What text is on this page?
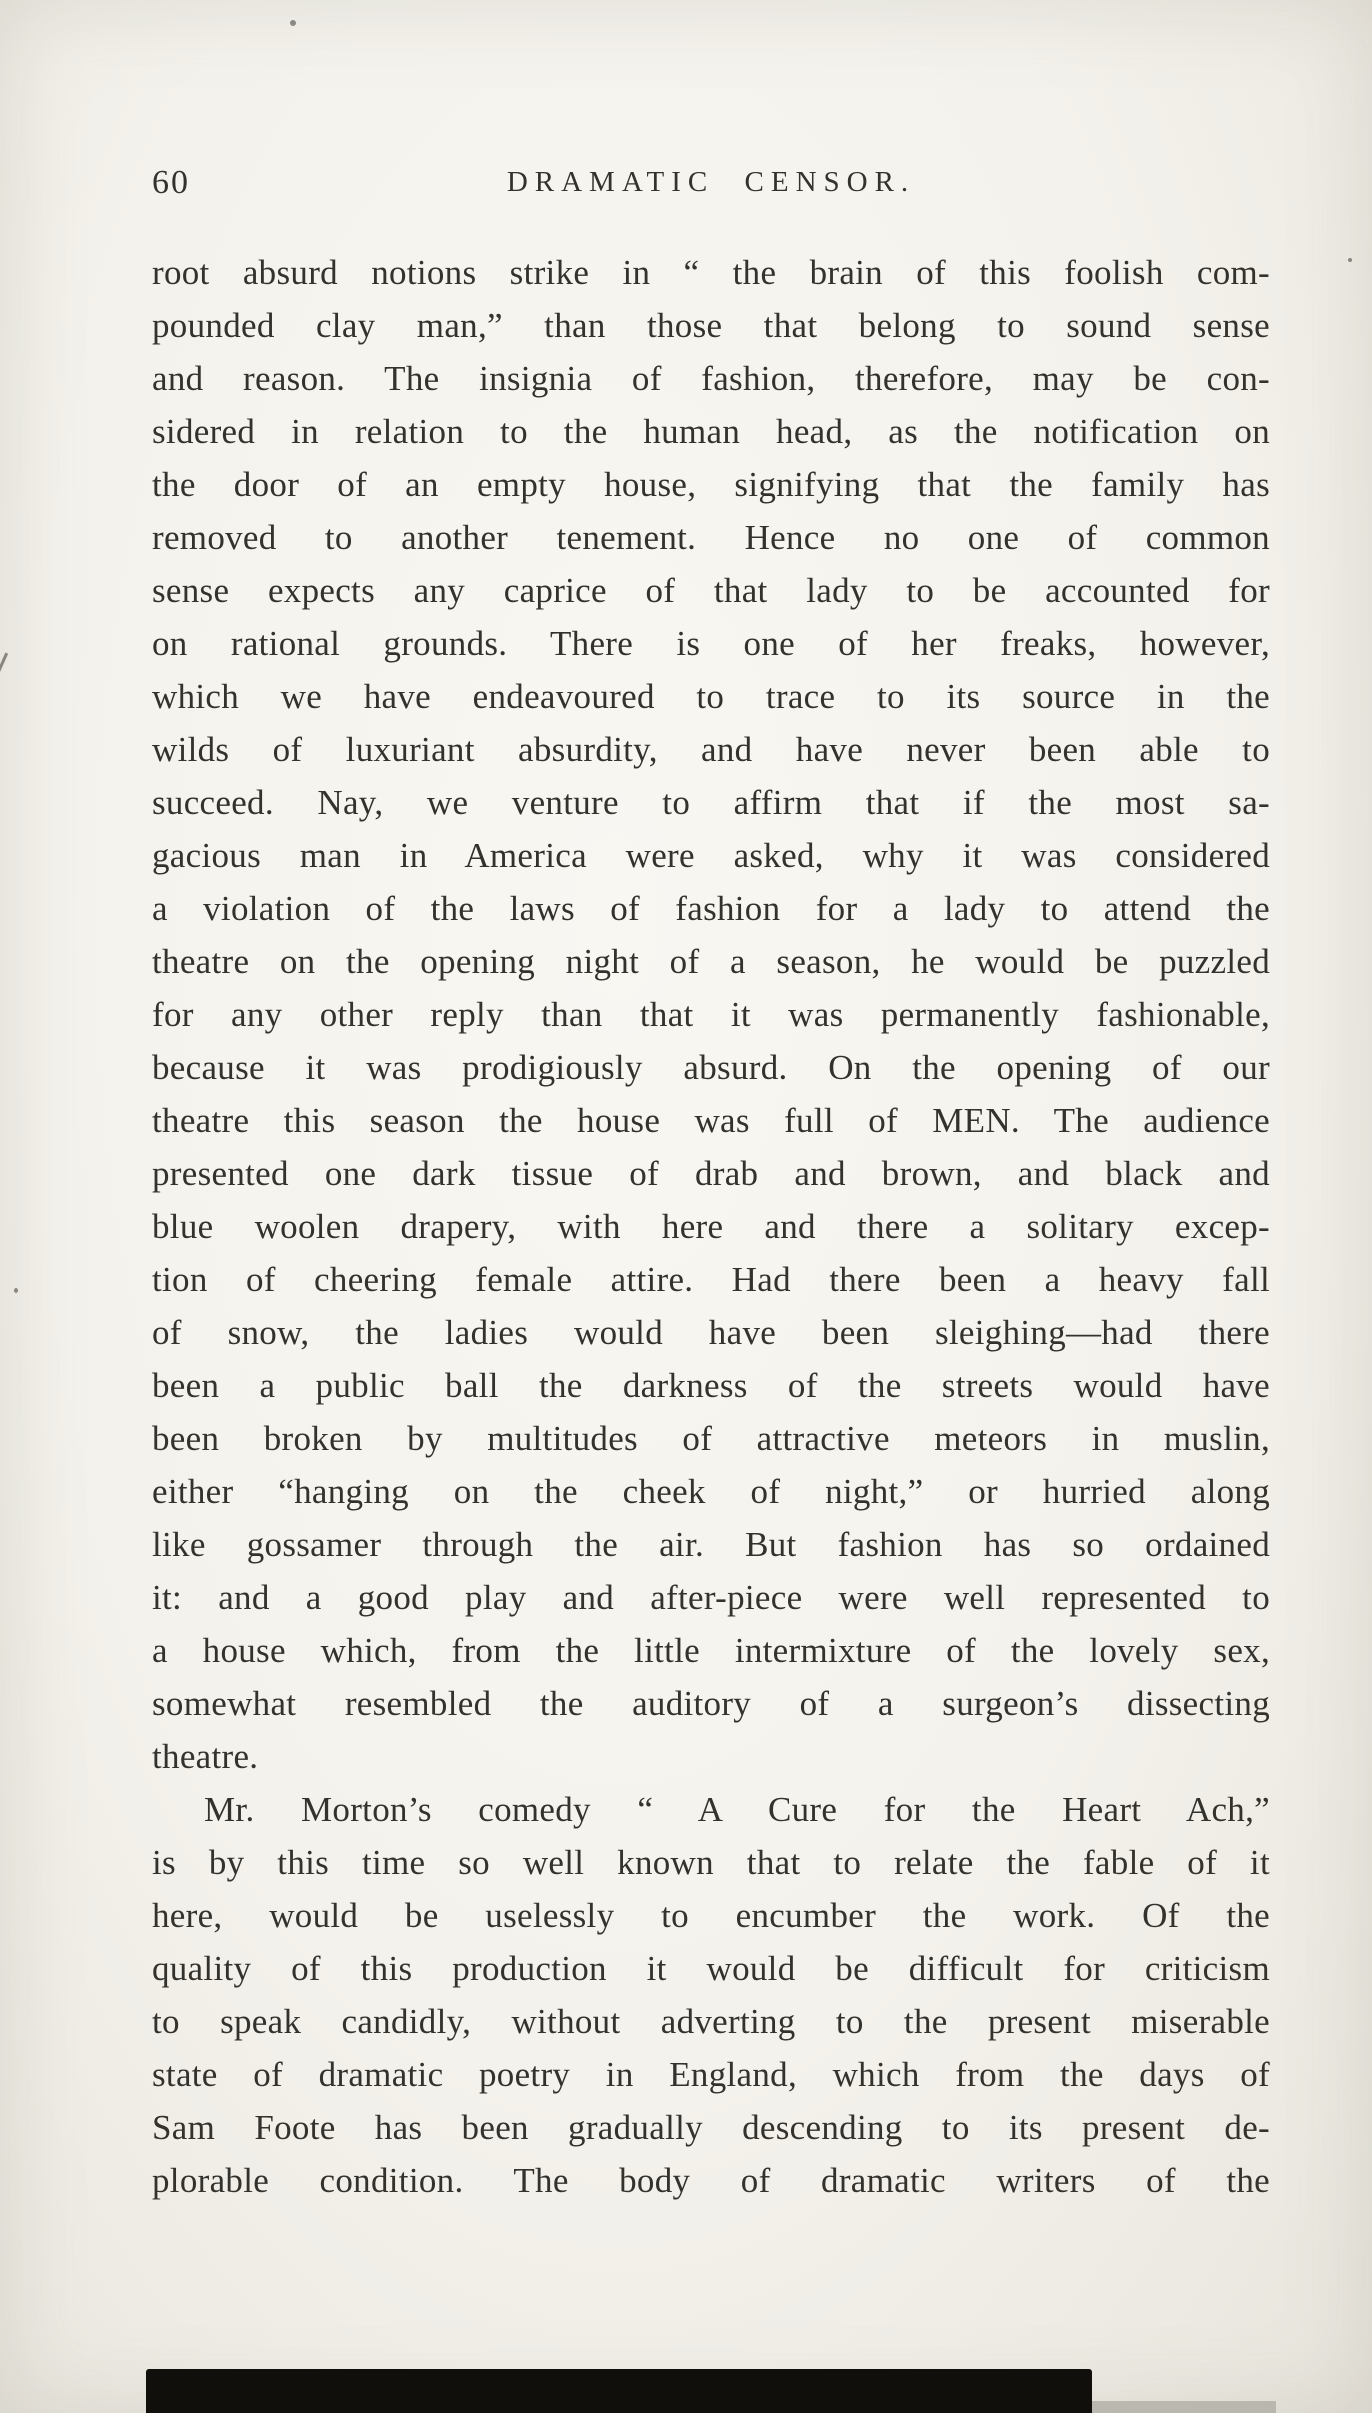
60	DRAMATIC CENSOR.
root absurd notions strike in “ the brain of this foolish com-
pounded clay man,” than those that belong to sound sense
and reason. The insignia of fashion, therefore, may be con-
sidered in relation to the human head, as the notification on
the door of an empty house, signifying that the family has
removed to another tenement. Hence no one of common
sense expects any caprice of that lady to be accounted for
on rational grounds. There is one of her freaks, however,
which we have endeavoured to trace to its source in the
wilds of luxuriant absurdity, and have never been able to
succeed. Nay, we venture to affirm that if the most sa-
gacious man in America were asked, why it was considered
a violation of the laws of fashion for a lady to attend the
theatre on the opening night of a season, he would be puzzled
for any other reply than that it was permanently fashionable,
because it was prodigiously absurd. On the opening of our
theatre this season the house was full of MEN. The audience
presented one dark tissue of drab and brown, and black and
blue woolen drapery, with here and there a solitary excep-
tion of cheering female attire. Had there been a heavy fall
of snow, the ladies would have been sleighing—had there
been a public ball the darkness of the streets would have
been broken by multitudes of attractive meteors in muslin,
either “hanging on the cheek of night,” or hurried along
like gossamer through the air. But fashion has so ordained
it: and a good play and after-piece were well represented to
a house which, from the little intermixture of the lovely sex,
somewhat resembled the auditory of a surgeon’s dissecting
theatre.
Mr. Morton’s comedy “ A Cure for the Heart Ach,”
is by this time so well known that to relate the fable of it
here, would be uselessly to encumber the work. Of the
quality of this production it would be difficult for criticism
to speak candidly, without adverting to the present miserable
state of dramatic poetry in England, which from the days of
Sam Foote has been gradually descending to its present de-
plorable condition. The body of dramatic writers of the
